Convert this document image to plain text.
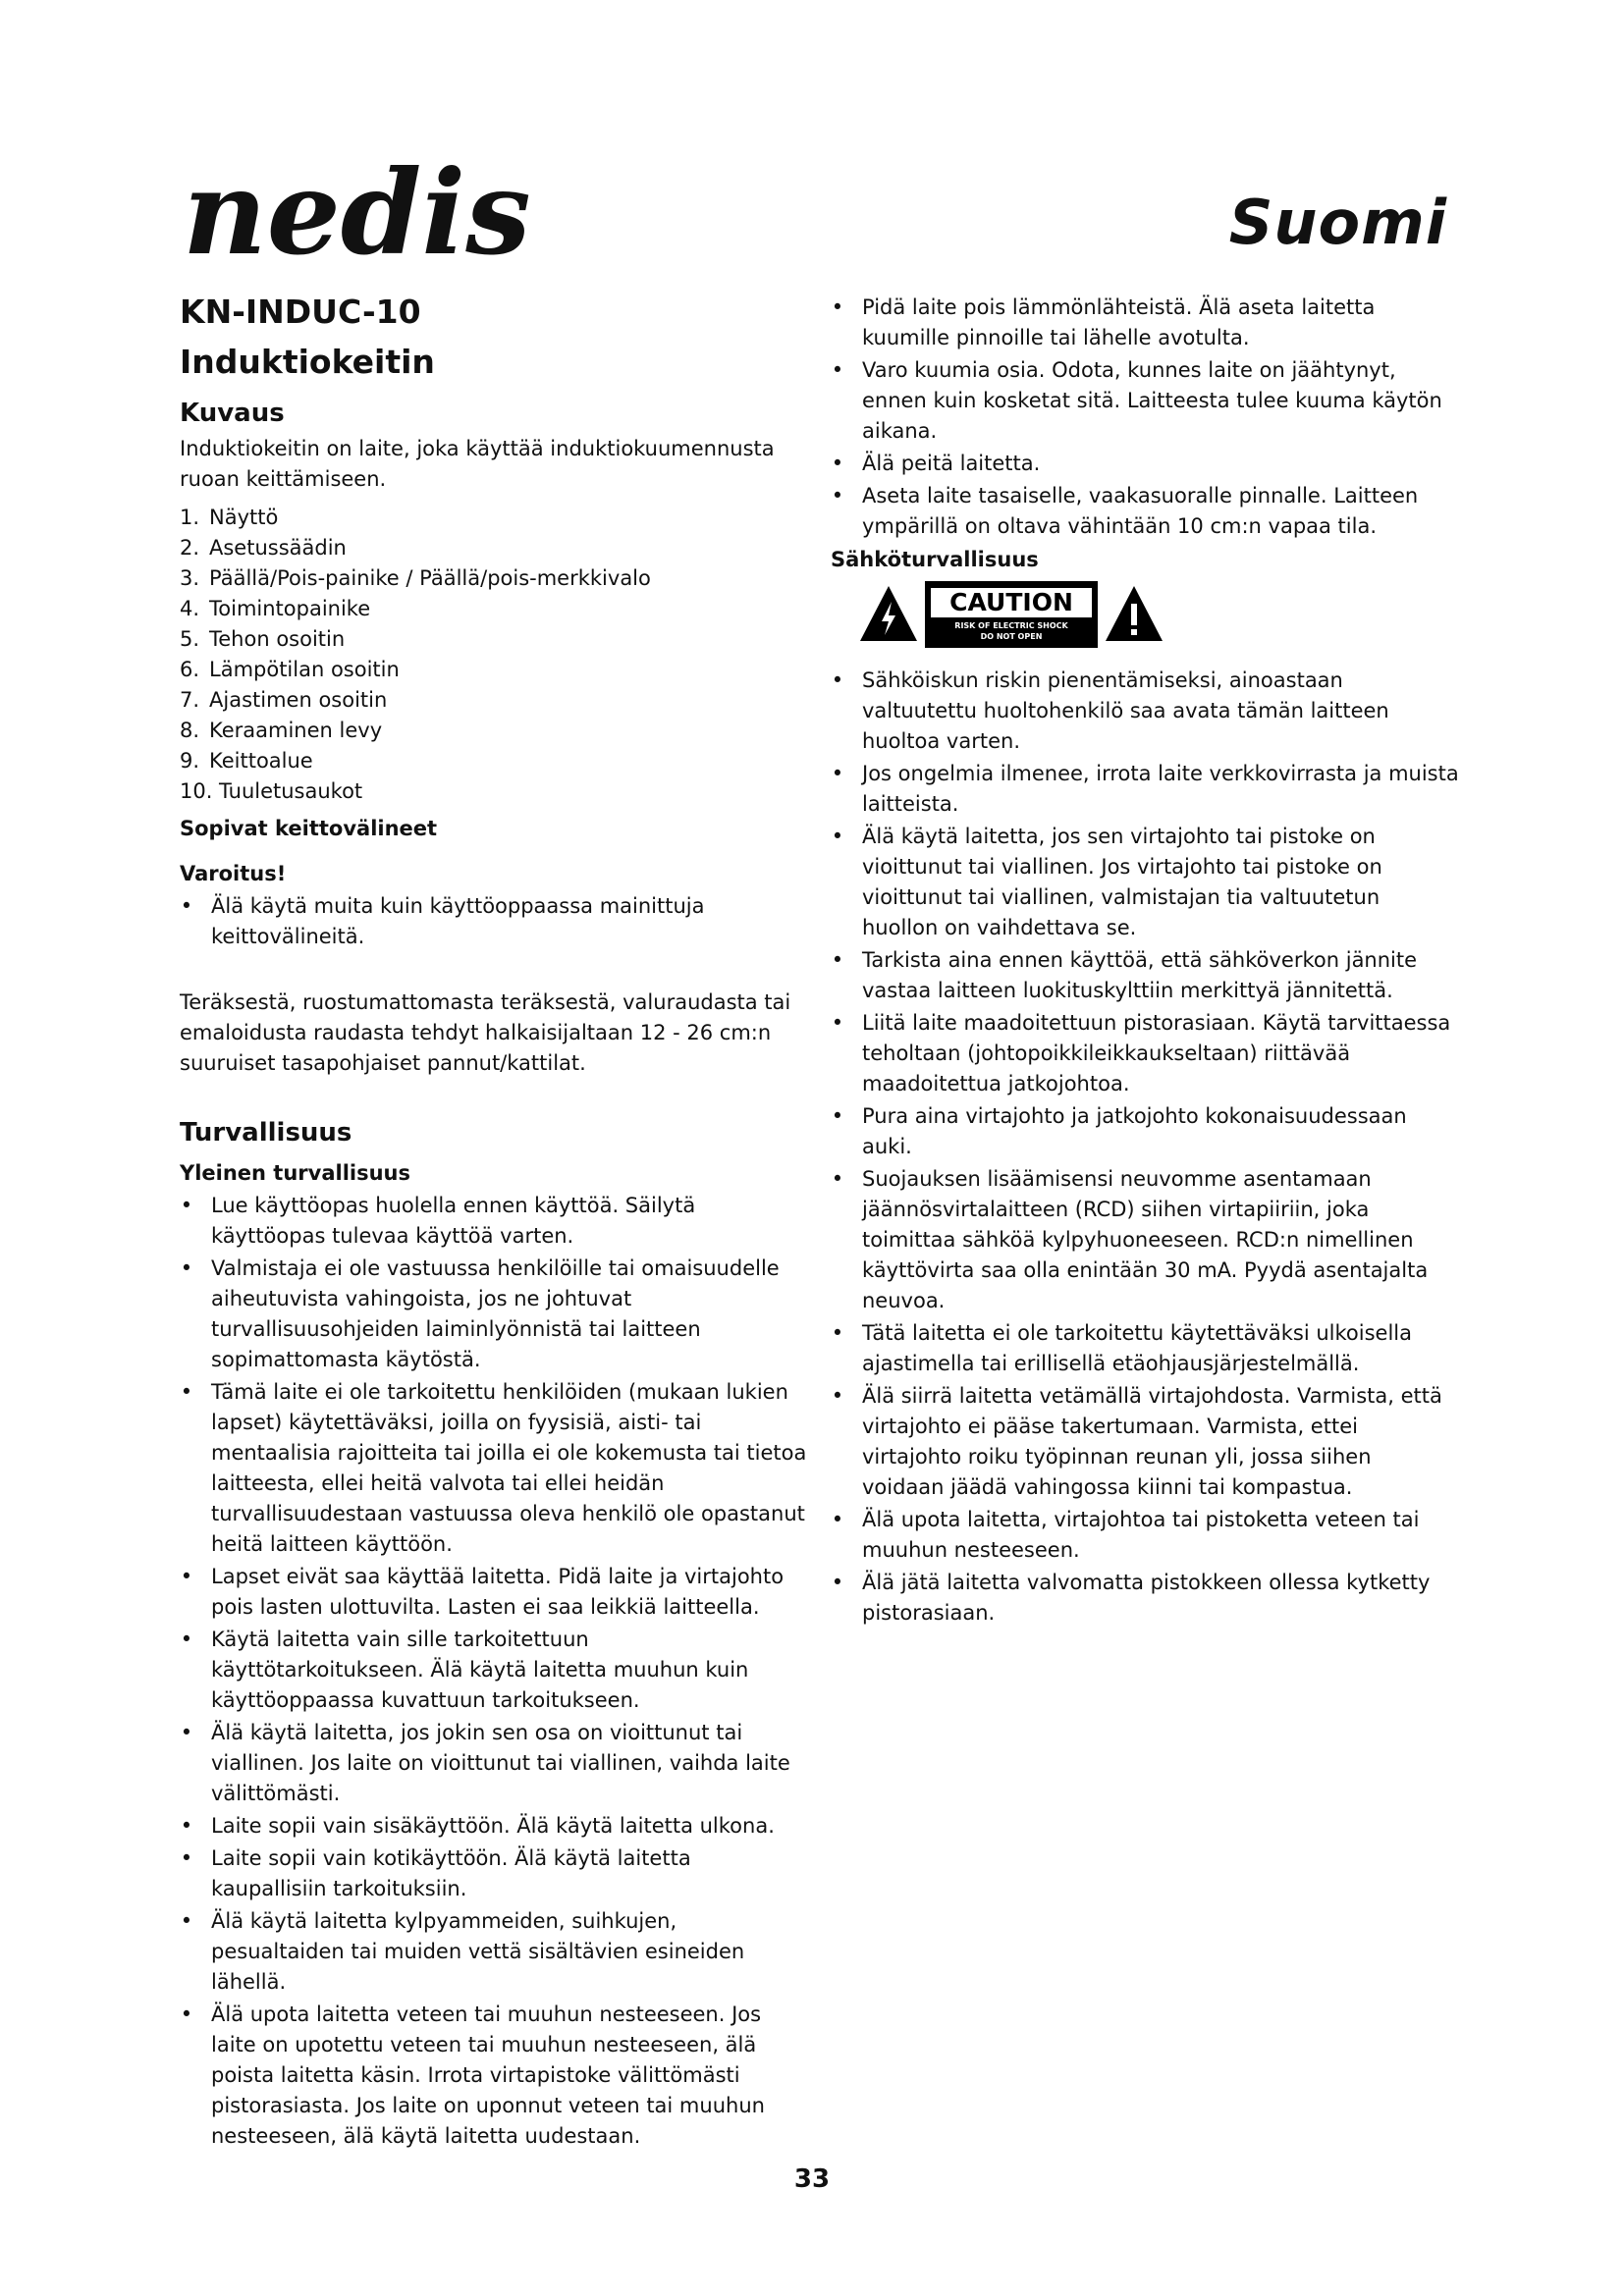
nedis	Suomi
KN-INDUC-10
Induktiokeitin
Kuvaus

Induktiokeitin on laite, joka käyttää induktiokuumennusta ruoan keittämiseen.

1. Näyttö
2. Asetussäädin
3. Päällä/Pois-painike / Päällä/pois-merkkivalo
4. Toimintopainike
5. Tehon osoitin
6. Lämpötilan osoitin
7. Ajastimen osoitin
8. Keraaminen levy
9. Keittoalue
10. Tuuletusaukot
Sopivat keittovälineet
Varoitus!
• Älä käytä muita kuin käyttöoppaassa mainittuja keittovälineitä.

Teräksestä, ruostumattomasta teräksestä, valuraudasta tai emaloidusta raudasta tehdyt halkaisijaltaan 12 - 26 cm:n suuruiset tasapohjaiset pannut/kattilat.

Turvallisuus
Yleinen turvallisuus
• Lue käyttöopas huolella ennen käyttöä. Säilytä käyttöopas tulevaa käyttöä varten.
• Valmistaja ei ole vastuussa henkilöille tai omaisuudelle aiheutuvista vahingoista, jos ne johtuvat turvallisuusohjeiden laiminlyönnistä tai laitteen sopimattomasta käytöstä.
• Tämä laite ei ole tarkoitettu henkilöiden (mukaan lukien lapset) käytettäväksi, joilla on fyysisiä, aisti- tai mentaalisia rajoitteita tai joilla ei ole kokemusta tai tietoa laitteesta, ellei heitä valvota tai ellei heidän turvallisuudestaan vastuussa oleva henkilö ole opastanut heitä laitteen käyttöön.
• Lapset eivät saa käyttää laitetta. Pidä laite ja virtajohto pois lasten ulottuvilta. Lasten ei saa leikkiä laitteella.
• Käytä laitetta vain sille tarkoitettuun käyttötarkoitukseen. Älä käytä laitetta muuhun kuin käyttöoppaassa kuvattuun tarkoitukseen.
• Älä käytä laitetta, jos jokin sen osa on vioittunut tai viallinen. Jos laite on vioittunut tai viallinen, vaihda laite välittömästi.
• Laite sopii vain sisäkäyttöön. Älä käytä laitetta ulkona.
• Laite sopii vain kotikäyttöön. Älä käytä laitetta kaupallisiin tarkoituksiin.
• Älä käytä laitetta kylpyammeiden, suihkujen, pesualtaiden tai muiden vettä sisältävien esineiden lähellä.
• Älä upota laitetta veteen tai muuhun nesteeseen. Jos laite on upotettu veteen tai muuhun nesteeseen, älä poista laitetta käsin. Irrota virtapistoke välittömästi pistorasiasta. Jos laite on uponnut veteen tai muuhun nesteeseen, älä käytä laitetta uudestaan.
• Pidä laite pois lämmönlähteistä. Älä aseta laitetta kuumille pinnoille tai lähelle avotulta.
• Varo kuumia osia. Odota, kunnes laite on jäähtynyt, ennen kuin kosketat sitä. Laitteesta tulee kuuma käytön aikana.
• Älä peitä laitetta.
• Aseta laite tasaiselle, vaakasuoralle pinnalle. Laitteen ympärillä on oltava vähintään 10 cm:n vapaa tila.
Sähköturvallisuus
CAUTION
RISK OF ELECTRIC SHOCK
DO NOT OPEN
• Sähköiskun riskin pienentämiseksi, ainoastaan valtuutettu huoltohenkilö saa avata tämän laitteen huoltoa varten.
• Jos ongelmia ilmenee, irrota laite verkkovirrasta ja muista laitteista.
• Älä käytä laitetta, jos sen virtajohto tai pistoke on vioittunut tai viallinen. Jos virtajohto tai pistoke on vioittunut tai viallinen, valmistajan tia valtuutetun huollon on vaihdettava se.
• Tarkista aina ennen käyttöä, että sähköverkon jännite vastaa laitteen luokituskylttiin merkittyä jännitettä.
• Liitä laite maadoitettuun pistorasiaan. Käytä tarvittaessa teholtaan (johtopoikkileikkaukseltaan) riittävää maadoitettua jatkojohtoa.
• Pura aina virtajohto ja jatkojohto kokonaisuudessaan auki.
• Suojauksen lisäämisensi neuvomme asentamaan jäännösvirtalaitteen (RCD) siihen virtapiiriin, joka toimittaa sähköä kylpyhuoneeseen. RCD:n nimellinen käyttövirta saa olla enintään 30 mA. Pyydä asentajalta neuvoa.
• Tätä laitetta ei ole tarkoitettu käytettäväksi ulkoisella ajastimella tai erillisellä etäohjausjärjestelmällä.
• Älä siirrä laitetta vetämällä virtajohdosta. Varmista, että virtajohto ei pääse takertumaan. Varmista, ettei virtajohto roiku työpinnan reunan yli, jossa siihen voidaan jäädä vahingossa kiinni tai kompastua.
• Älä upota laitetta, virtajohtoa tai pistoketta veteen tai muuhun nesteeseen.
• Älä jätä laitetta valvomatta pistokkeen ollessa kytketty pistorasiaan.
33
